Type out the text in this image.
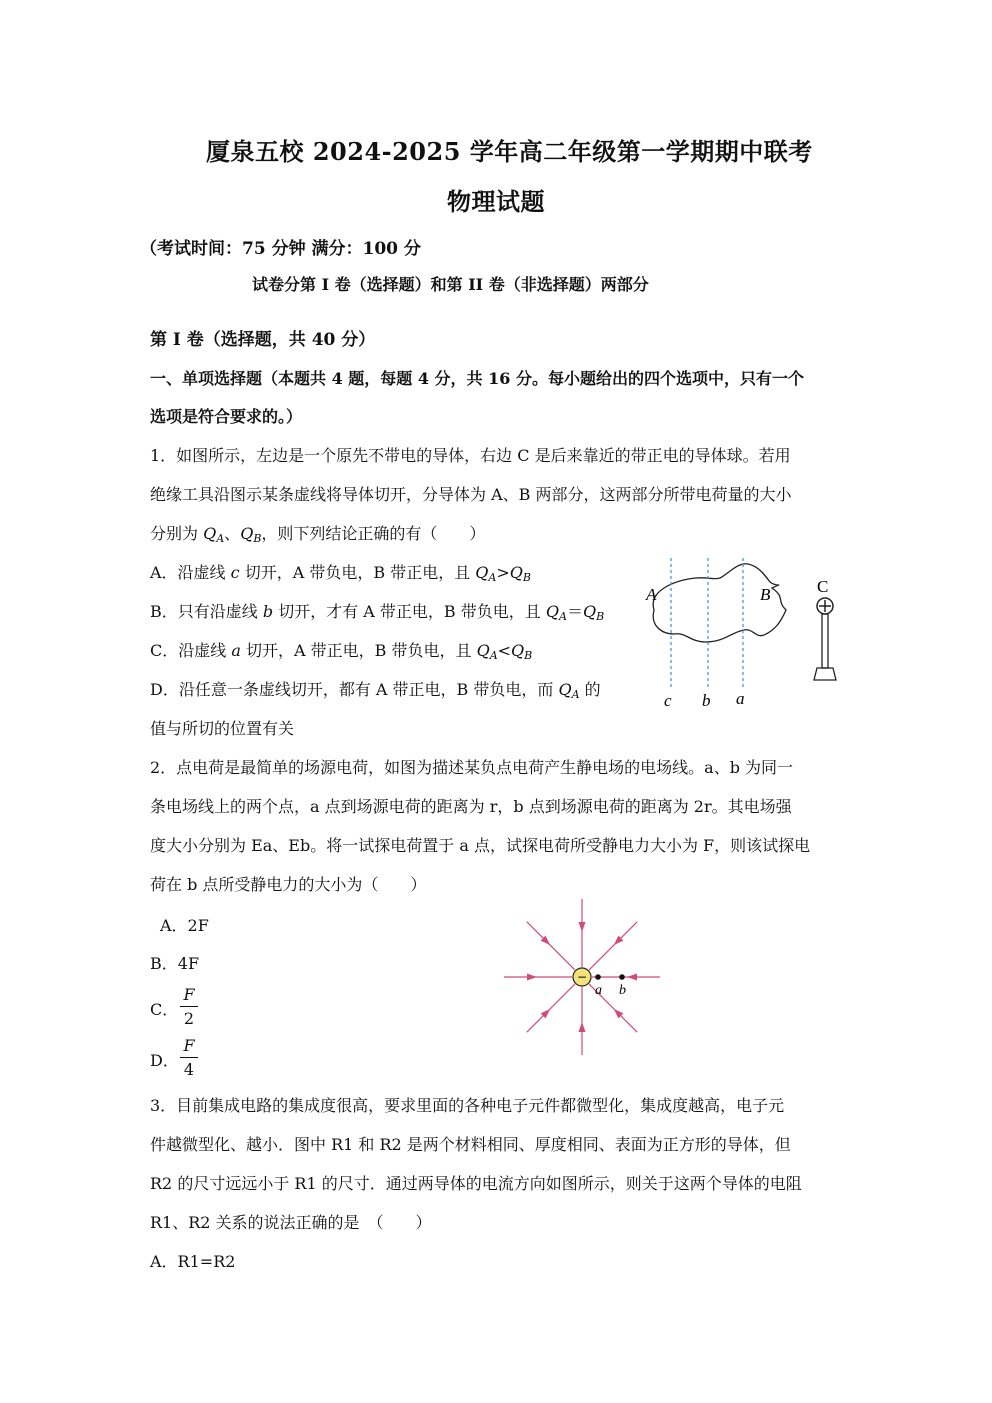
厦泉五校 2024-2025 学年高二年级第一学期期中联考
物理试题
（考试时间：75 分钟 满分：100 分
试卷分第 I 卷（选择题）和第 II 卷（非选择题）两部分
第 I 卷（选择题，共 40 分）
一、单项选择题（本题共 4 题，每题 4 分，共 16 分。每小题给出的四个选项中，只有一个
选项是符合要求的。）
1．如图所示，左边是一个原先不带电的导体，右边 C 是后来靠近的带正电的导体球。若用
绝缘工具沿图示某条虚线将导体切开，分导体为 A、B 两部分，这两部分所带电荷量的大小
分别为 $Q_A$、$Q_B$，则下列结论正确的有（　　）
A．沿虚线 c 切开，A 带负电，B 带正电，且 $Q_A>Q_B$
B．只有沿虚线 b 切开，才有 A 带正电，B 带负电，且 $Q_A=Q_B$
C．沿虚线 a 切开，A 带正电，B 带负电，且 $Q_A<Q_B$
D．沿任意一条虚线切开，都有 A 带正电，B 带负电，而 $Q_A$ 的
值与所切的位置有关
A	B
c b a
C
2．点电荷是最简单的场源电荷，如图为描述某负点电荷产生静电场的电场线。a、b 为同一
条电场线上的两个点，a 点到场源电荷的距离为 r，b 点到场源电荷的距离为 2r。其电场强
度大小分别为 Ea、Eb。将一试探电荷置于 a 点，试探电荷所受静电力大小为 F，则该试探电
荷在 b 点所受静电力的大小为（　　）
A．2F
B．4F
C．
F
2
D．
F
4
−
a b
3．目前集成电路的集成度很高，要求里面的各种电子元件都微型化，集成度越高，电子元
件越微型化、越小．图中 R1 和 R2 是两个材料相同、厚度相同、表面为正方形的导体，但
R2 的尺寸远远小于 R1 的尺寸．通过两导体的电流方向如图所示，则关于这两个导体的电阻
R1、R2 关系的说法正确的是　（　　）
A．R1=R2
